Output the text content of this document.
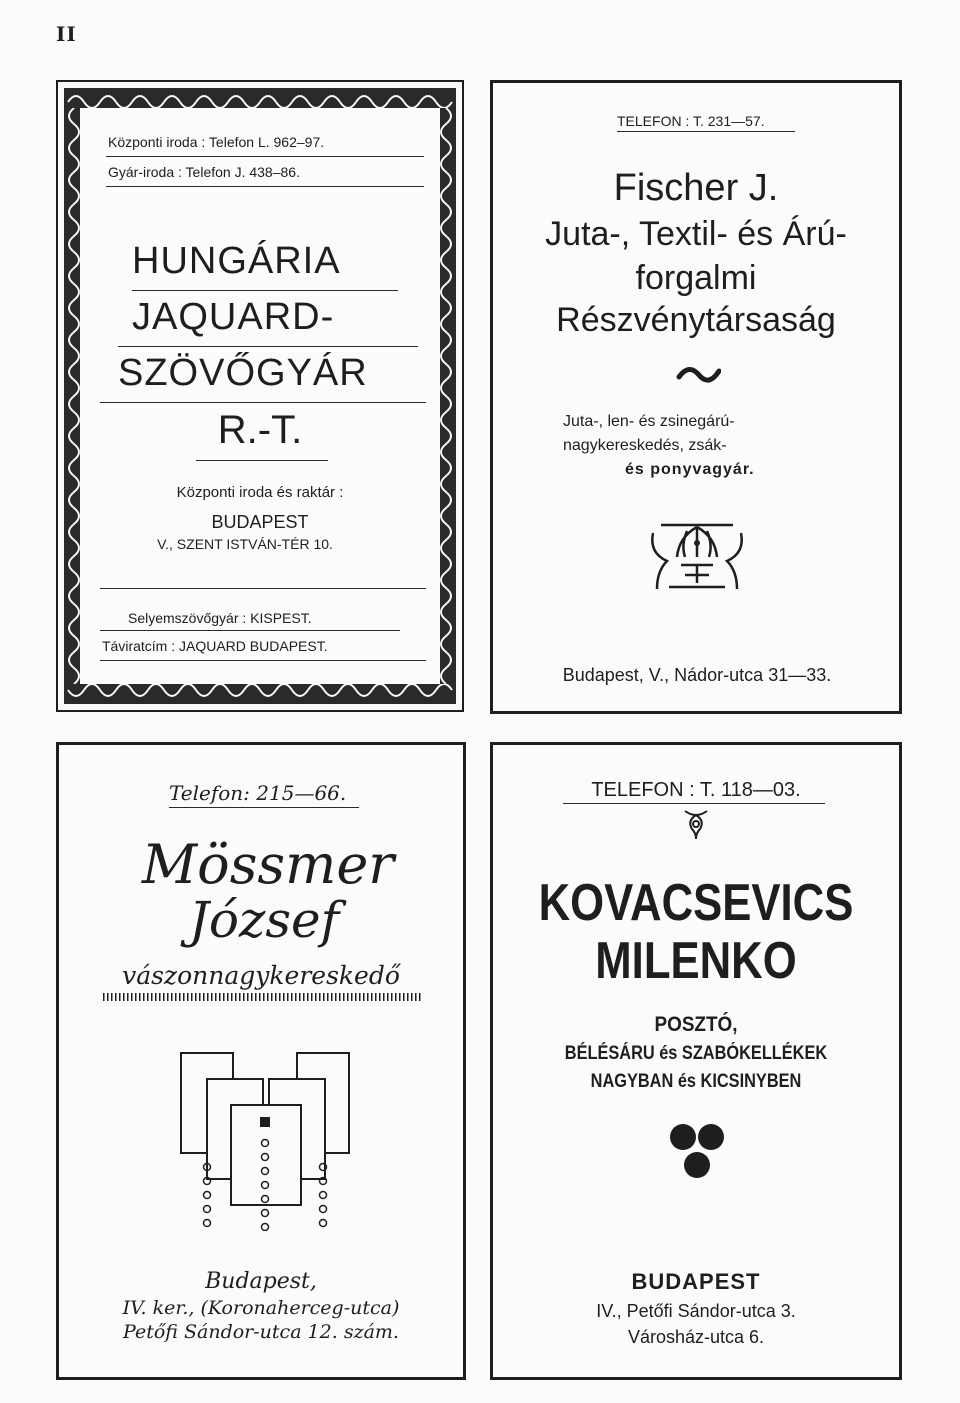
II
Központi iroda : Telefon L. 962–97.
Gyár-iroda : Telefon J. 438–86.
HUNGÁRIA
JAQUARD-
SZÖVŐGYÁR
R.-T.
Központi iroda és raktár :
BUDAPEST
V., SZENT ISTVÁN-TÉR 10.
Selyemszövőgyár : KISPEST.
Táviratcím : JAQUARD BUDAPEST.
TELEFON : T. 231—57.
Fischer J.
Juta-, Textil- és Árú-
forgalmi
Részvénytársaság
Juta-, len- és zsinegárú-
nagykereskedés, zsák-
és ponyvagyár.
Budapest, V., Nádor-utca 31—33.
Telefon: 215—66.
Mössmer
József
vászonnagykereskedő
Budapest,
IV. ker., (Koronaherceg-utca)
Petőfi Sándor-utca 12. szám.
TELEFON : T. 118—03.
KOVACSEVICS
MILENKO
POSZTÓ,
BÉLÉSÁRU és SZABÓKELLÉKEK
NAGYBAN és KICSINYBEN
BUDAPEST
IV., Petőfi Sándor-utca 3.
Városház-utca 6.
